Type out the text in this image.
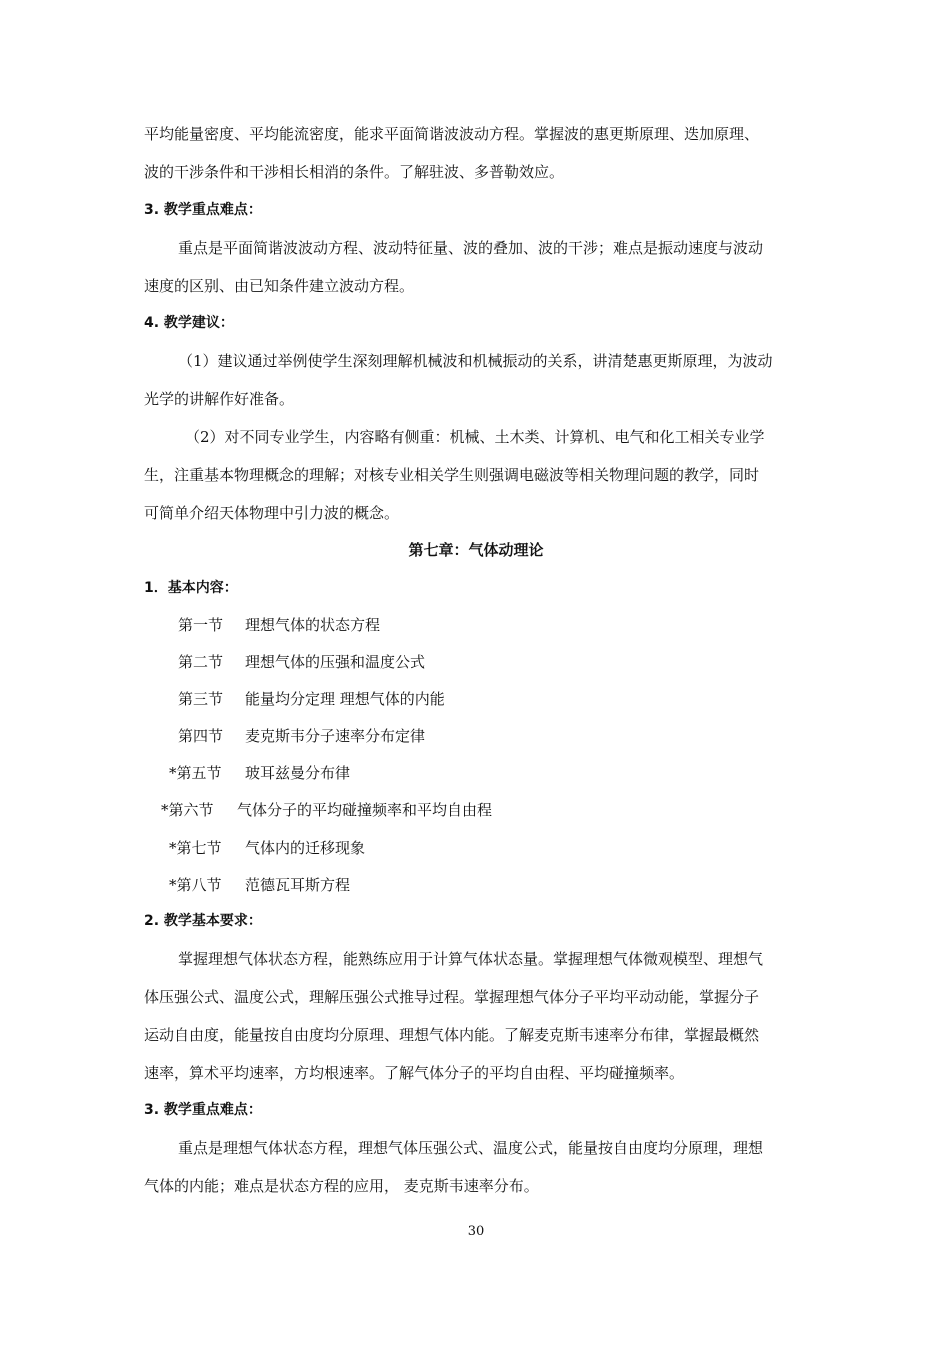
平均能量密度、平均能流密度，能求平面简谐波波动方程。掌握波的惠更斯原理、迭加原理、
波的干涉条件和干涉相长相消的条件。了解驻波、多普勒效应。
3. 教学重点难点：
重点是平面简谐波波动方程、波动特征量、波的叠加、波的干涉；难点是振动速度与波动
速度的区别、由已知条件建立波动方程。
4. 教学建议：
（1）建议通过举例使学生深刻理解机械波和机械振动的关系，讲清楚惠更斯原理，为波动
光学的讲解作好准备。
（2）对不同专业学生，内容略有侧重：机械、土木类、计算机、电气和化工相关专业学
生，注重基本物理概念的理解；对核专业相关学生则强调电磁波等相关物理问题的教学，同时
可简单介绍天体物理中引力波的概念。
第七章：气体动理论
1．基本内容：
第一节 理想气体的状态方程
第二节 理想气体的压强和温度公式
第三节 能量均分定理 理想气体的内能
第四节 麦克斯韦分子速率分布定律
*第五节 玻耳兹曼分布律
*第六节 气体分子的平均碰撞频率和平均自由程
*第七节 气体内的迁移现象
*第八节 范德瓦耳斯方程
2. 教学基本要求：
掌握理想气体状态方程，能熟练应用于计算气体状态量。掌握理想气体微观模型、理想气
体压强公式、温度公式，理解压强公式推导过程。掌握理想气体分子平均平动动能，掌握分子
运动自由度，能量按自由度均分原理、理想气体内能。了解麦克斯韦速率分布律，掌握最概然
速率，算术平均速率，方均根速率。了解气体分子的平均自由程、平均碰撞频率。
3. 教学重点难点：
重点是理想气体状态方程，理想气体压强公式、温度公式，能量按自由度均分原理，理想
气体的内能；难点是状态方程的应用， 麦克斯韦速率分布。
30
